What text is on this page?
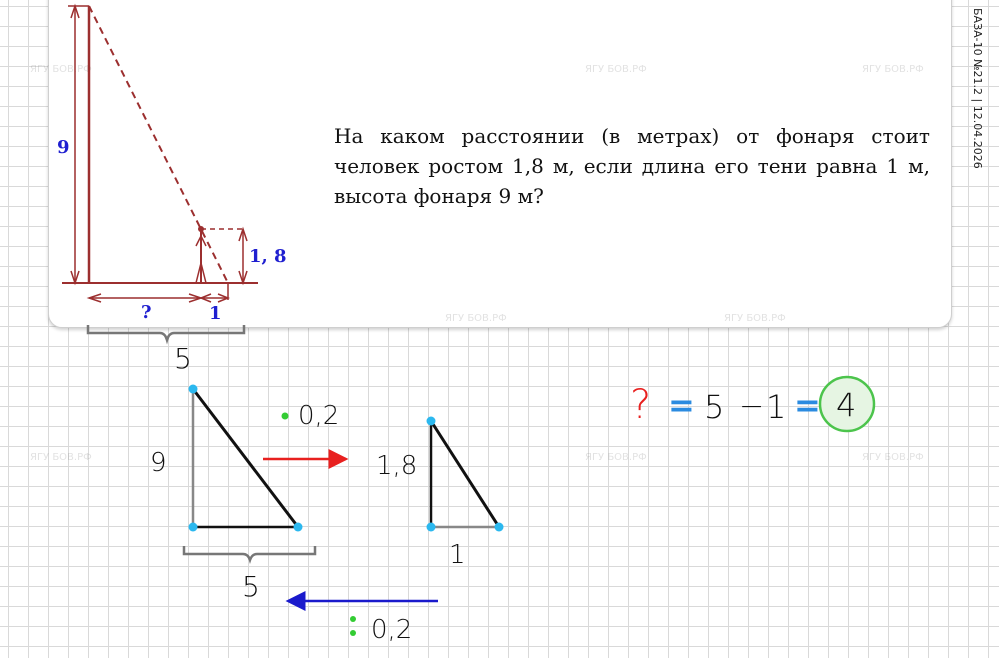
На каком расстоянии (в метрах) от фонаря стоит человек ростом 1,8 м, если длина его тени равна 1 м, высота фонаря 9 м?
БАЗА-10 №21.2 | 12.04.2026
ЯГУ БОВ.РФ	ЯГУ БОВ.РФ	ЯГУ БОВ.РФ
ЯГУ БОВ.РФ	ЯГУ БОВ.РФ
ЯГУ БОВ.РФ	ЯГУ БОВ.РФ	ЯГУ БОВ.РФ
9
1, 8
?	1
5
9
5
1,8
1
0,2
0,2
? = 5 − 1 = 4
